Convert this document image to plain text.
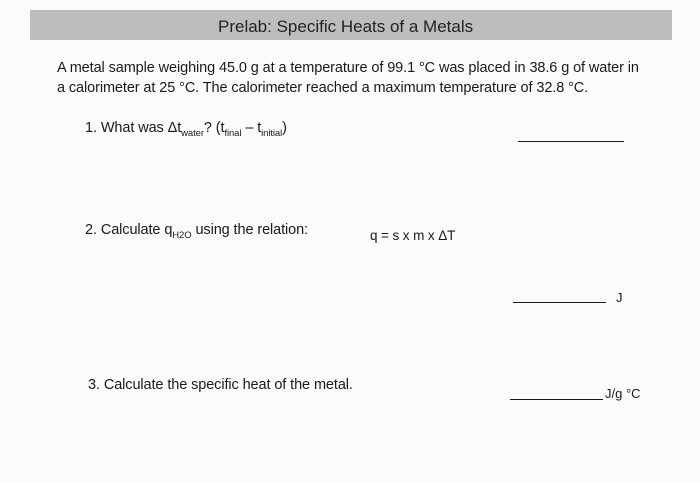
Prelab: Specific Heats of a Metals
A metal sample weighing 45.0 g at a temperature of 99.1 °C was placed in 38.6 g of water in
a calorimeter at 25 °C. The calorimeter reached a maximum temperature of 32.8 °C.
1. What was $\Delta t_{water}$? $(t_{final} - t_{initial})$
2. Calculate $q_{H2O}$ using the relation:	q = s x m x ΔT
J
3. Calculate the specific heat of the metal.
J/g °C
